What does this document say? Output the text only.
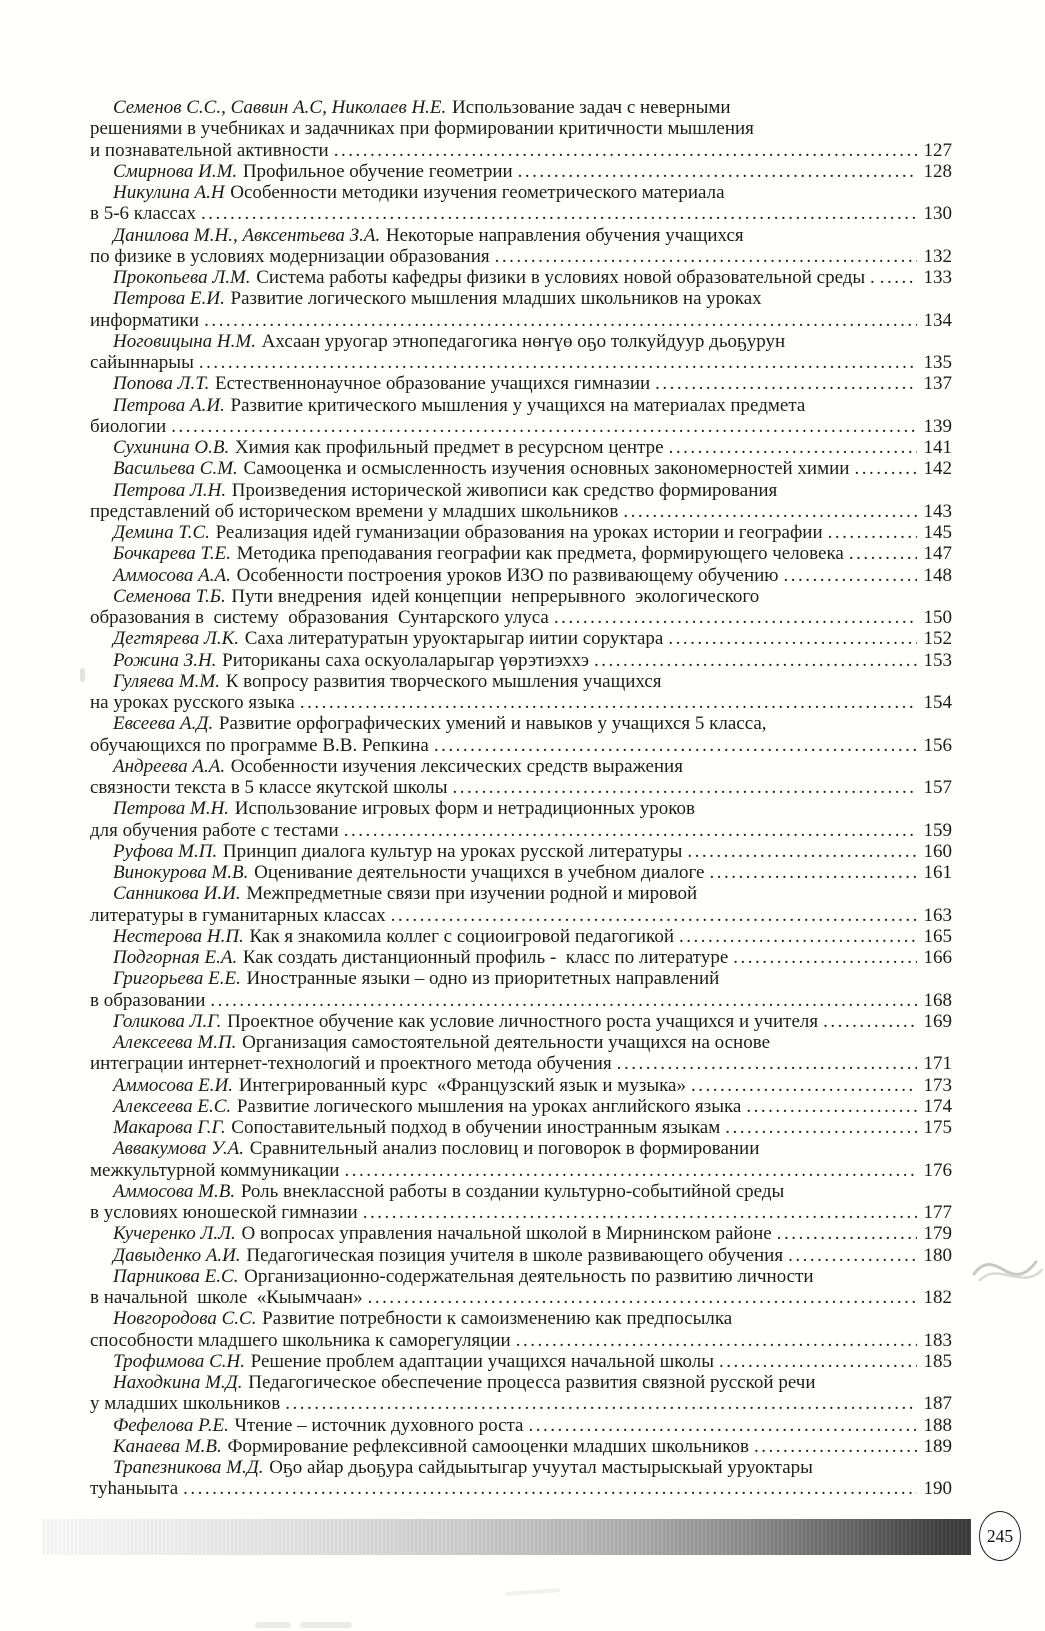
Семенов С.С., Саввин А.С, Николаев Н.Е. Использование задач с неверными
решениями в учебниках и задачниках при формировании критичности мышления
и познавательной активности .....	127
Смирнова И.М. Профильное обучение геометрии .....	128
Никулина А.Н Особенности методики изучения геометрического материала
в 5-6 классах .....	130
Данилова М.Н., Авксентьева З.А. Некоторые направления обучения учащихся
по физике в условиях модернизации образования .....	132
Прокопьева Л.М. Система работы кафедры физики в условиях новой образовательной среды . .....	133
Петрова Е.И. Развитие логического мышления младших школьников на уроках
информатики .....	134
Ноговицына Н.М. Ахсаан уруогар этнопедагогика нөҥүө оҕо толкуйдуур дьоҕурун
сайыннарыы .....	135
Попова Л.Т. Естественнонаучное образование учащихся гимназии .....	137
Петрова А.И. Развитие критического мышления у учащихся на материалах предмета
биологии .....	139
Сухинина О.В. Химия как профильный предмет в ресурсном центре .....	141
Васильева С.М. Самооценка и осмысленность изучения основных закономерностей химии .....	142
Петрова Л.Н. Произведения исторической живописи как средство формирования
представлений об историческом времени у младших школьников .....	143
Демина Т.С. Реализация идей гуманизации образования на уроках истории и географии .....	145
Бочкарева Т.Е. Методика преподавания географии как предмета, формирующего человека .....	147
Аммосова А.А. Особенности построения уроков ИЗО по развивающему обучению .....	148
Семенова Т.Б. Пути внедрения  идей концепции  непрерывного  экологического
образования в  систему  образования  Сунтарского улуса .....	150
Дегтярева Л.К. Саха литературатын уруоктарыгар иитии соруктара .....	152
Рожина З.Н. Риториканы саха оскуолаларыгар үөрэтиэххэ .....	153
Гуляева М.М. К вопросу развития творческого мышления учащихся
на уроках русского языка .....	154
Евсеева А.Д. Развитие орфографических умений и навыков у учащихся 5 класса,
обучающихся по программе В.В. Репкина .....	156
Андреева А.А. Особенности изучения лексических средств выражения
связности текста в 5 классе якутской школы .....	157
Петрова М.Н. Использование игровых форм и нетрадиционных уроков
для обучения работе с тестами .....	159
Руфова М.П. Принцип диалога культур на уроках русской литературы .....	160
Винокурова М.В. Оценивание деятельности учащихся в учебном диалоге .....	161
Санникова И.И. Межпредметные связи при изучении родной и мировой
литературы в гуманитарных классах .....	163
Нестерова Н.П. Как я знакомила коллег с социоигровой педагогикой .....	165
Подгорная Е.А. Как создать дистанционный профиль -  класс по литературе .....	166
Григорьева Е.Е. Иностранные языки – одно из приоритетных направлений
в образовании .....	168
Голикова Л.Г. Проектное обучение как условие личностного роста учащихся и учителя .....	169
Алексеева М.П. Организация самостоятельной деятельности учащихся на основе
интеграции интернет-технологий и проектного метода обучения .....	171
Аммосова Е.И. Интегрированный курс  «Французский язык и музыка» .....	173
Алексеева Е.С. Развитие логического мышления на уроках английского языка .....	174
Макарова Г.Г. Сопоставительный подход в обучении иностранным языкам .....	175
Аввакумова У.А. Сравнительный анализ пословиц и поговорок в формировании
межкультурной коммуникации .....	176
Аммосова М.В. Роль внеклассной работы в создании культурно-событийной среды
в условиях юношеской гимназии .....	177
Кучеренко Л.Л. О вопросах управления начальной школой в Мирнинском районе .....	179
Давыденко А.И. Педагогическая позиция учителя в школе развивающего обучения .....	180
Парникова Е.С. Организационно-содержательная деятельность по развитию личности
в начальной  школе  «Кыымчаан» .....	182
Новгородова С.С. Развитие потребности к самоизменению как предпосылка
способности младшего школьника к саморегуляции .....	183
Трофимова С.Н. Решение проблем адаптации учащихся начальной школы .....	185
Находкина М.Д. Педагогическое обеспечение процесса развития связной русской речи
у младших школьников .....	187
Фефелова Р.Е. Чтение – источник духовного роста .....	188
Канаева М.В. Формирование рефлексивной самооценки младших школьников .....	189
Трапезникова М.Д. Оҕо айар дьоҕура сайдыытыгар учуутал мастырыскыай уруоктары
туһаныыта .....	190
245
